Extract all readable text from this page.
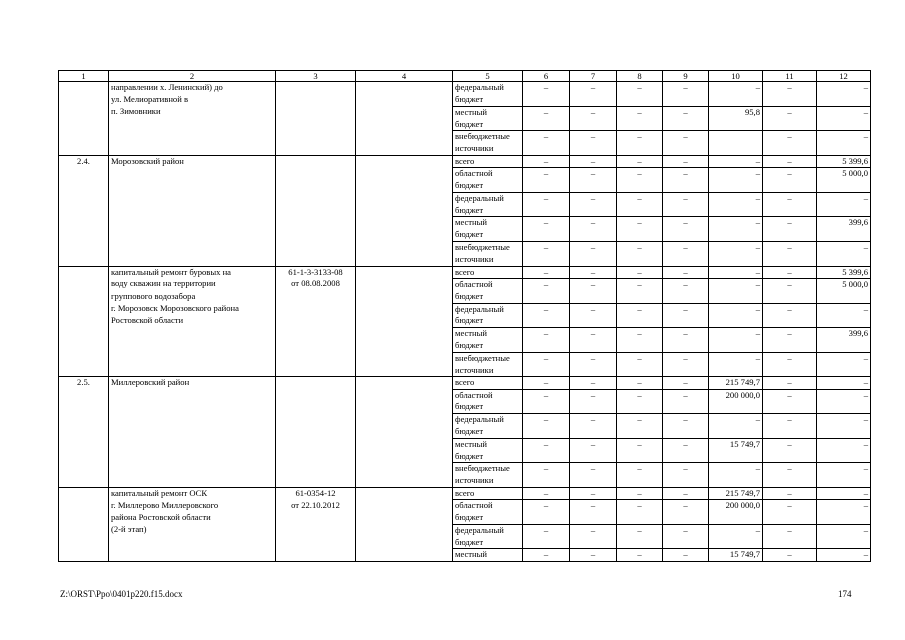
1	2	3	4	5	6	7	8	9	10	11	12
	направлении х. Ленинский) до			федеральный	–	–	–	–	–	–	–
	ул. Мелиоративной в			бюджет							
	п. Зимовники			местный	–	–	–	–	95,8	–	–
				бюджет							
				внебюджетные	–	–	–	–		–	–
				источники							
2.4.	Морозовский район			всего	–	–	–	–	–	–	5 399,6
				областной	–	–	–	–	–	–	5 000,0
				бюджет							
				федеральный	–	–	–	–	–	–	–
				бюджет							
				местный	–	–	–	–	–	–	399,6
				бюджет							
				внебюджетные	–	–	–	–	–	–	–
				источники							
	капитальный ремонт буровых на	61-1-3-3133-08		всего	–	–	–	–	–	–	5 399,6
	воду скважин на территории	от 08.08.2008		областной	–	–	–	–	–	–	5 000,0
	группового водозабора			бюджет							
	г. Морозовск Морозовского района			федеральный	–	–	–	–	–	–	–
	Ростовской области			бюджет							
				местный	–	–	–	–	–	–	399,6
				бюджет							
				внебюджетные	–	–	–	–	–	–	–
				источники							
2.5.	Миллеровский район			всего	–	–	–	–	215 749,7	–	–
				областной	–	–	–	–	200 000,0	–	–
				бюджет							
				федеральный	–	–	–	–	–	–	–
				бюджет							
				местный	–	–	–	–	15 749,7	–	–
				бюджет							
				внебюджетные	–	–	–	–	–	–	–
				источники							
	капитальный ремонт ОСК	61-0354-12		всего	–	–	–	–	215 749,7	–	–
	г. Миллерово Миллеровского	от 22.10.2012		областной	–	–	–	–	200 000,0	–	–
	района Ростовской области			бюджет							
	(2-й этап)			федеральный	–	–	–	–	–	–	–
				бюджет							
				местный	–	–	–	–	15 749,7	–	–
Z:\ORST\Ppo\0401p220.f15.docx	174
